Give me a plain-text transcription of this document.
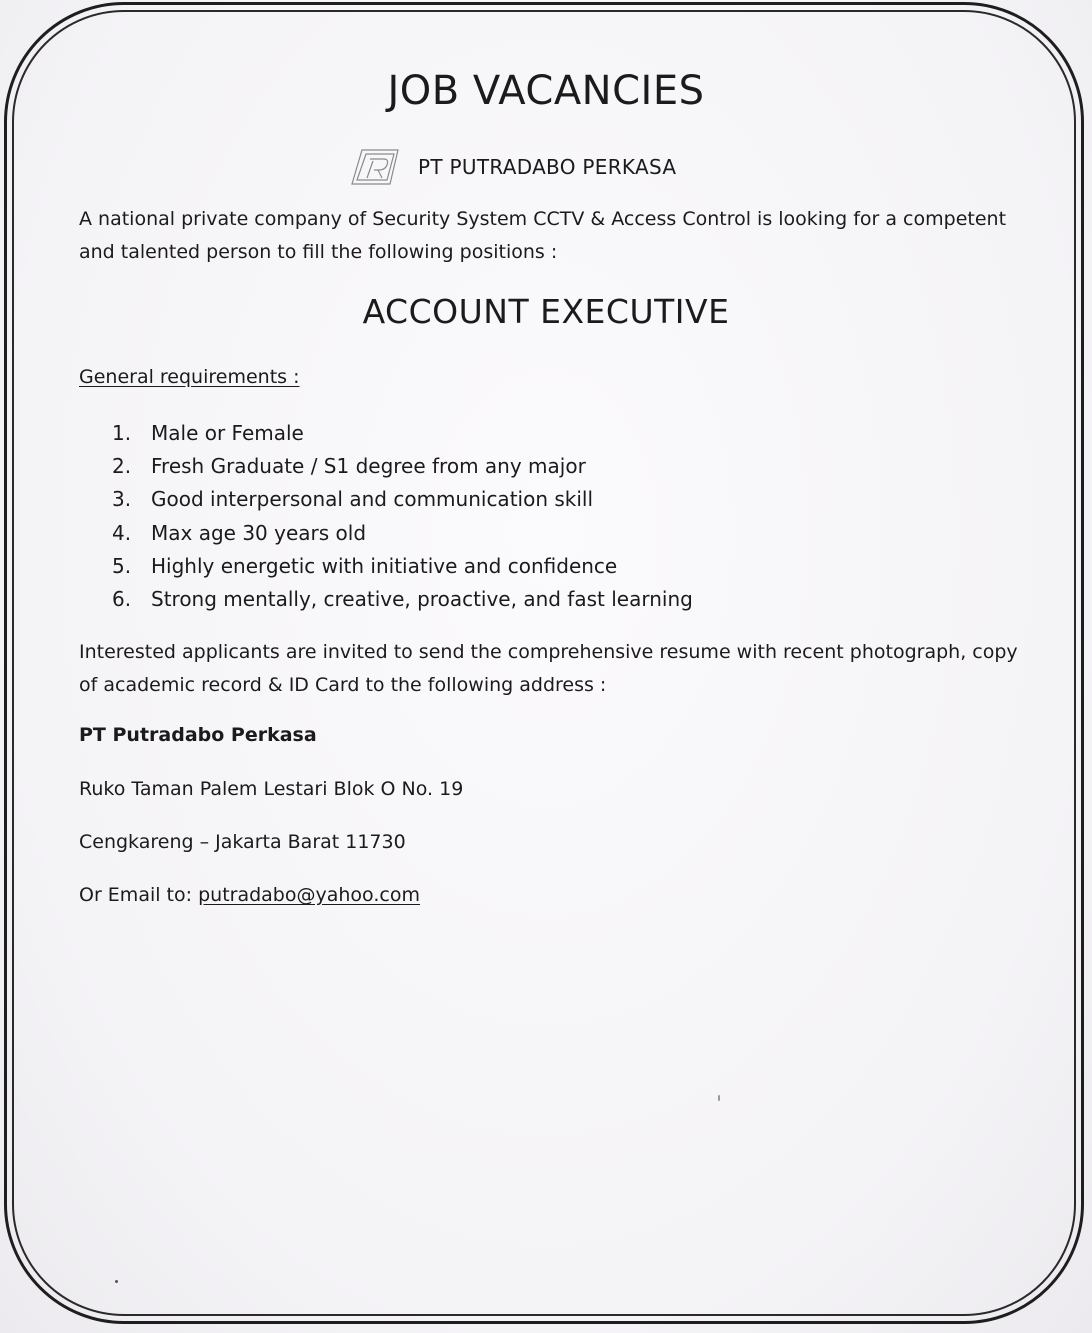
JOB VACANCIES
PT PUTRADABO PERKASA

A national private company of Security System CCTV & Access Control is looking for a competent and talented person to fill the following positions :

ACCOUNT EXECUTIVE

General requirements :

1. Male or Female
2. Fresh Graduate / S1 degree from any major
3. Good interpersonal and communication skill
4. Max age 30 years old
5. Highly energetic with initiative and confidence
6. Strong mentally, creative, proactive, and fast learning

Interested applicants are invited to send the comprehensive resume with recent photograph, copy of academic record & ID Card to the following address :

PT Putradabo Perkasa

Ruko Taman Palem Lestari Blok O No. 19

Cengkareng – Jakarta Barat 11730

Or Email to: putradabo@yahoo.com
